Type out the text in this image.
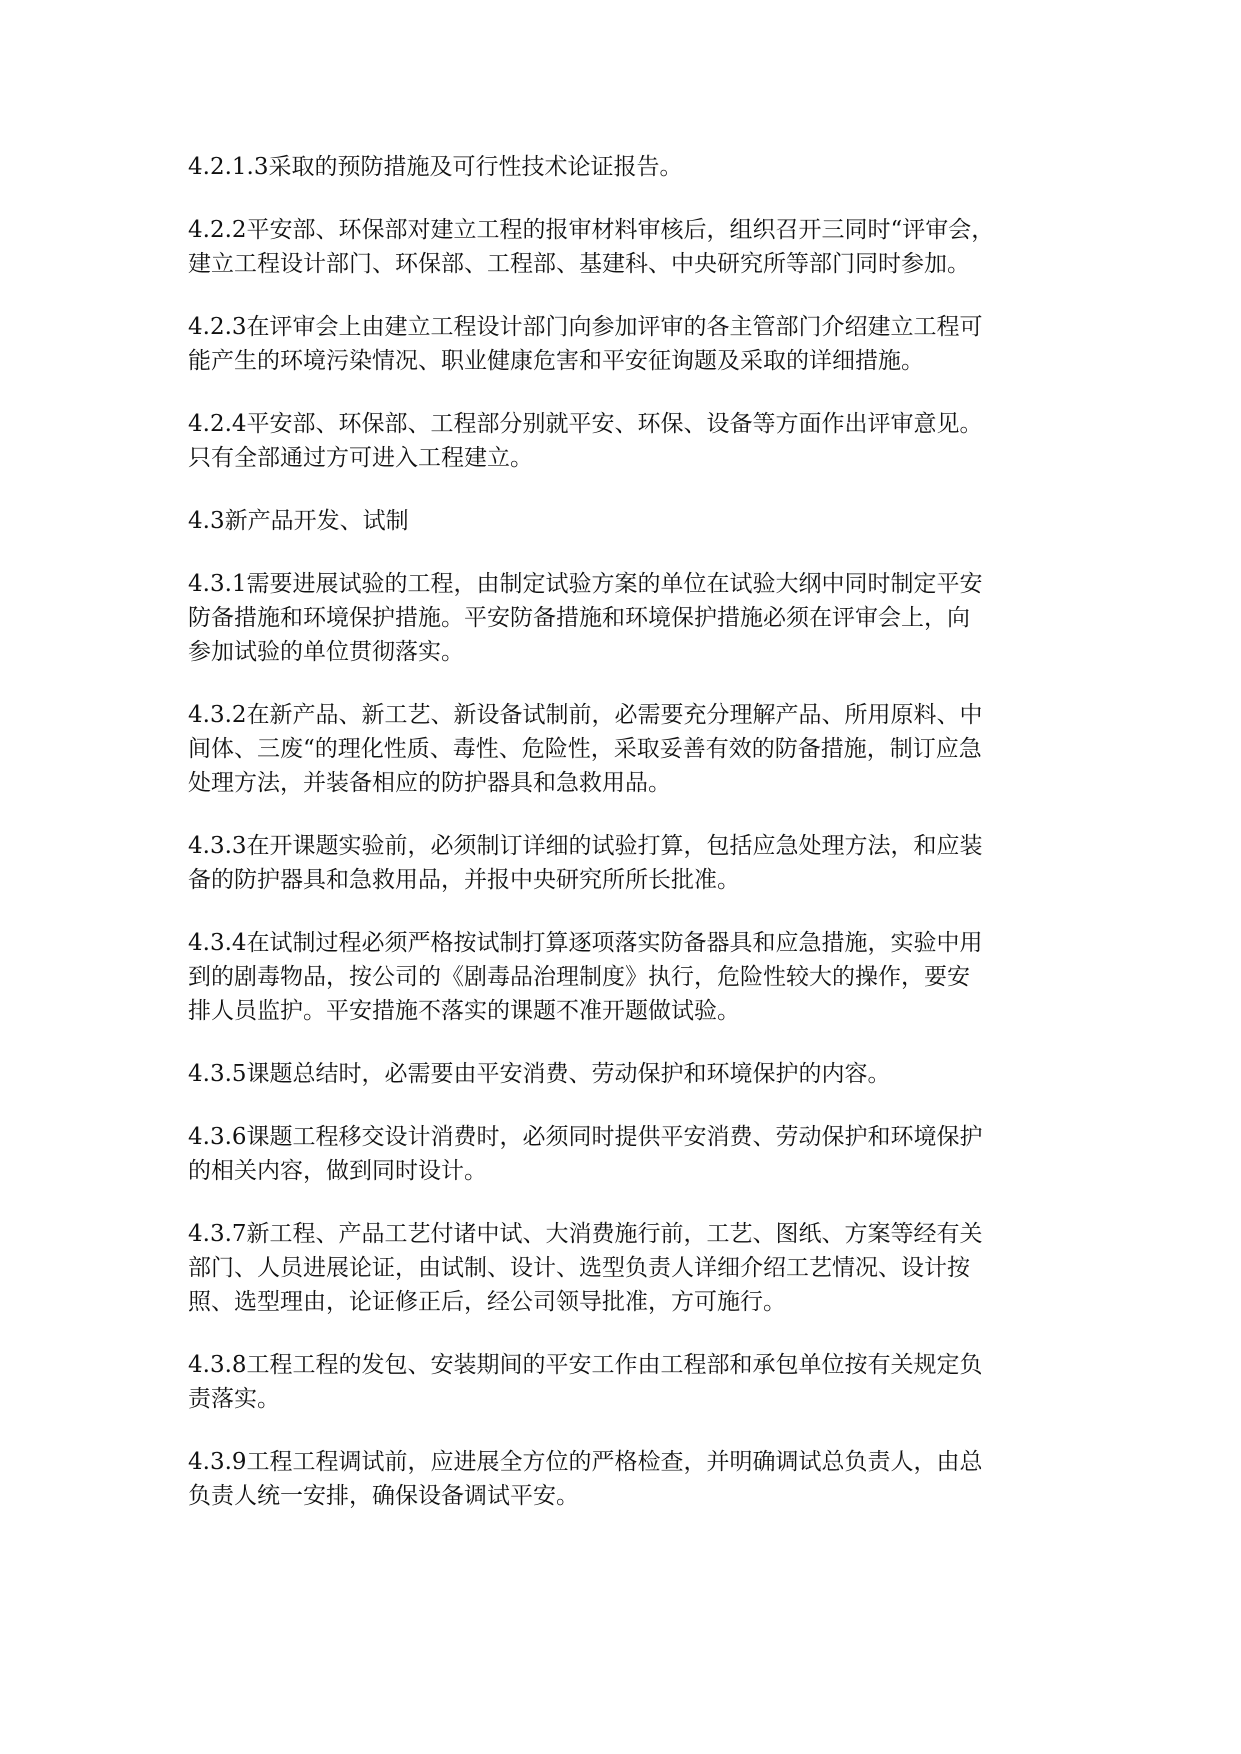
4.2.1.3采取的预防措施及可行性技术论证报告。

4.2.2平安部、环保部对建立工程的报审材料审核后，组织召开三同时“评审会，
建立工程设计部门、环保部、工程部、基建科、中央研究所等部门同时参加。

4.2.3在评审会上由建立工程设计部门向参加评审的各主管部门介绍建立工程可
能产生的环境污染情况、职业健康危害和平安征询题及采取的详细措施。

4.2.4平安部、环保部、工程部分别就平安、环保、设备等方面作出评审意见。
只有全部通过方可进入工程建立。

4.3新产品开发、试制

4.3.1需要进展试验的工程，由制定试验方案的单位在试验大纲中同时制定平安
防备措施和环境保护措施。平安防备措施和环境保护措施必须在评审会上，向
参加试验的单位贯彻落实。

4.3.2在新产品、新工艺、新设备试制前，必需要充分理解产品、所用原料、中
间体、三废“的理化性质、毒性、危险性，采取妥善有效的防备措施，制订应急
处理方法，并装备相应的防护器具和急救用品。

4.3.3在开课题实验前，必须制订详细的试验打算，包括应急处理方法，和应装
备的防护器具和急救用品，并报中央研究所所长批准。

4.3.4在试制过程必须严格按试制打算逐项落实防备器具和应急措施，实验中用
到的剧毒物品，按公司的《剧毒品治理制度》执行，危险性较大的操作，要安
排人员监护。平安措施不落实的课题不准开题做试验。

4.3.5课题总结时，必需要由平安消费、劳动保护和环境保护的内容。

4.3.6课题工程移交设计消费时，必须同时提供平安消费、劳动保护和环境保护
的相关内容，做到同时设计。

4.3.7新工程、产品工艺付诸中试、大消费施行前，工艺、图纸、方案等经有关
部门、人员进展论证，由试制、设计、选型负责人详细介绍工艺情况、设计按
照、选型理由，论证修正后，经公司领导批准，方可施行。

4.3.8工程工程的发包、安装期间的平安工作由工程部和承包单位按有关规定负
责落实。

4.3.9工程工程调试前，应进展全方位的严格检查，并明确调试总负责人，由总
负责人统一安排，确保设备调试平安。
